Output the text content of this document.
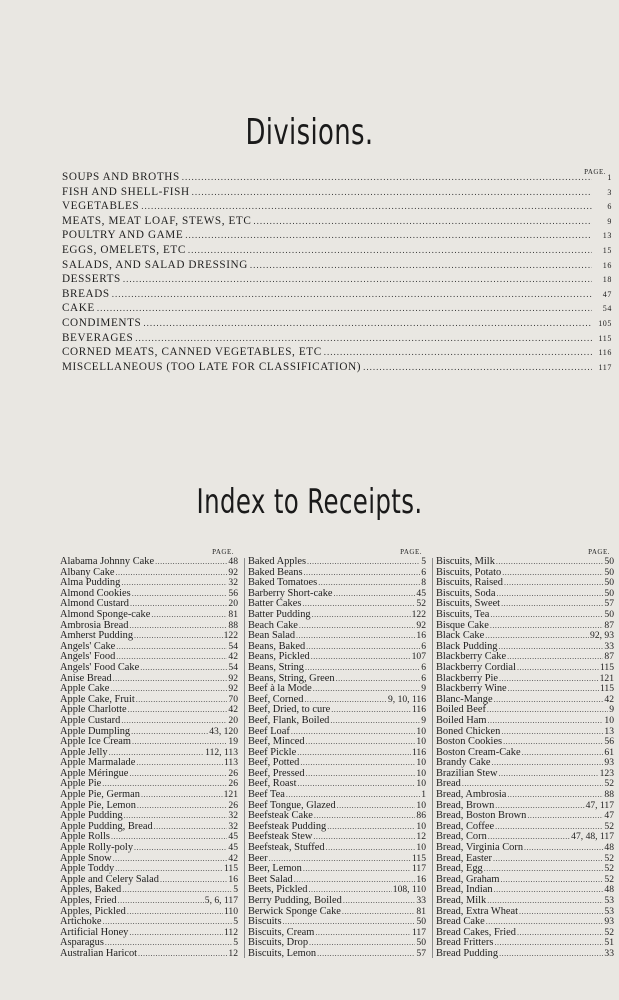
Divisions.
PAGE.
SOUPS AND BROTHS .....	1
FISH AND SHELL-FISH .....	3
VEGETABLES .....	6
MEATS, MEAT LOAF, STEWS, ETC .....	9
POULTRY AND GAME .....	13
EGGS, OMELETS, ETC .....	15
SALADS, AND SALAD DRESSING .....	16
DESSERTS .....	18
BREADS .....	47
CAKE .....	54
CONDIMENTS .....	105
BEVERAGES .....	115
CORNED MEATS, CANNED VEGETABLES, ETC .....	116
MISCELLANEOUS (TOO LATE FOR CLASSIFICATION) .....	117
Index to Receipts.
PAGE.
Alabama Johnny Cake .....	48
Albany Cake .....	92
Alma Pudding .....	32
Almond Cookies .....	56
Almond Custard .....	20
Almond Sponge-cake .....	81
Ambrosia Bread .....	88
Amherst Pudding .....	122
Angels' Cake .....	54
Angels' Food .....	42
Angels' Food Cake .....	54
Anise Bread .....	92
Apple Cake .....	92
Apple Cake, Fruit .....	70
Apple Charlotte .....	42
Apple Custard .....	20
Apple Dumpling .....	43, 120
Apple Ice Cream .....	19
Apple Jelly .....	112, 113
Apple Marmalade .....	113
Apple Méringue .....	26
Apple Pie .....	26
Apple Pie, German .....	121
Apple Pie, Lemon .....	26
Apple Pudding .....	32
Apple Pudding, Bread .....	32
Apple Rolls .....	45
Apple Rolly-poly .....	45
Apple Snow .....	42
Apple Toddy .....	115
Apple and Celery Salad .....	16
Apples, Baked .....	5
Apples, Fried .....	5, 6, 117
Apples, Pickled .....	110
Artichoke .....	5
Artificial Honey .....	112
Asparagus .....	5
Australian Haricot .....	12
PAGE.
Baked Apples .....	5
Baked Beans .....	6
Baked Tomatoes .....	8
Barberry Short-cake .....	45
Batter Cakes .....	52
Batter Pudding .....	122
Beach Cake .....	92
Bean Salad .....	16
Beans, Baked .....	6
Beans, Pickled .....	107
Beans, String .....	6
Beans, String, Green .....	6
Beef à la Mode .....	9
Beef, Corned .....	9, 10, 116
Beef, Dried, to cure .....	116
Beef, Flank, Boiled .....	9
Beef Loaf .....	10
Beef, Minced .....	10
Beef Pickle .....	116
Beef, Potted .....	10
Beef, Pressed .....	10
Beef, Roast .....	10
Beef Tea .....	1
Beef Tongue, Glazed .....	10
Beefsteak Cake .....	86
Beefsteak Pudding .....	10
Beefsteak Stew .....	12
Beefsteak, Stuffed .....	10
Beer .....	115
Beer, Lemon .....	117
Beet Salad .....	16
Beets, Pickled .....	108, 110
Berry Pudding, Boiled .....	33
Berwick Sponge Cake .....	81
Biscuits .....	50
Biscuits, Cream .....	117
Biscuits, Drop .....	50
Biscuits, Lemon .....	57
PAGE.
Biscuits, Milk .....	50
Biscuits, Potato .....	50
Biscuits, Raised .....	50
Biscuits, Soda .....	50
Biscuits, Sweet .....	57
Biscuits, Tea .....	50
Bisque Cake .....	87
Black Cake .....	92, 93
Black Pudding .....	33
Blackberry Cake .....	87
Blackberry Cordial .....	115
Blackberry Pie .....	121
Blackberry Wine .....	115
Blanc-Mange .....	42
Boiled Beef .....	9
Boiled Ham .....	10
Boned Chicken .....	13
Boston Cookies .....	56
Boston Cream-Cake .....	61
Brandy Cake .....	93
Brazilian Stew .....	123
Bread .....	52
Bread, Ambrosia .....	88
Bread, Brown .....	47, 117
Bread, Boston Brown .....	47
Bread, Coffee .....	52
Bread, Corn .....	47, 48, 117
Bread, Virginia Corn .....	48
Bread, Easter .....	52
Bread, Egg .....	52
Bread, Graham .....	52
Bread, Indian .....	48
Bread, Milk .....	53
Bread, Extra Wheat .....	53
Bread Cake .....	93
Bread Cakes, Fried .....	52
Bread Fritters .....	51
Bread Pudding .....	33
